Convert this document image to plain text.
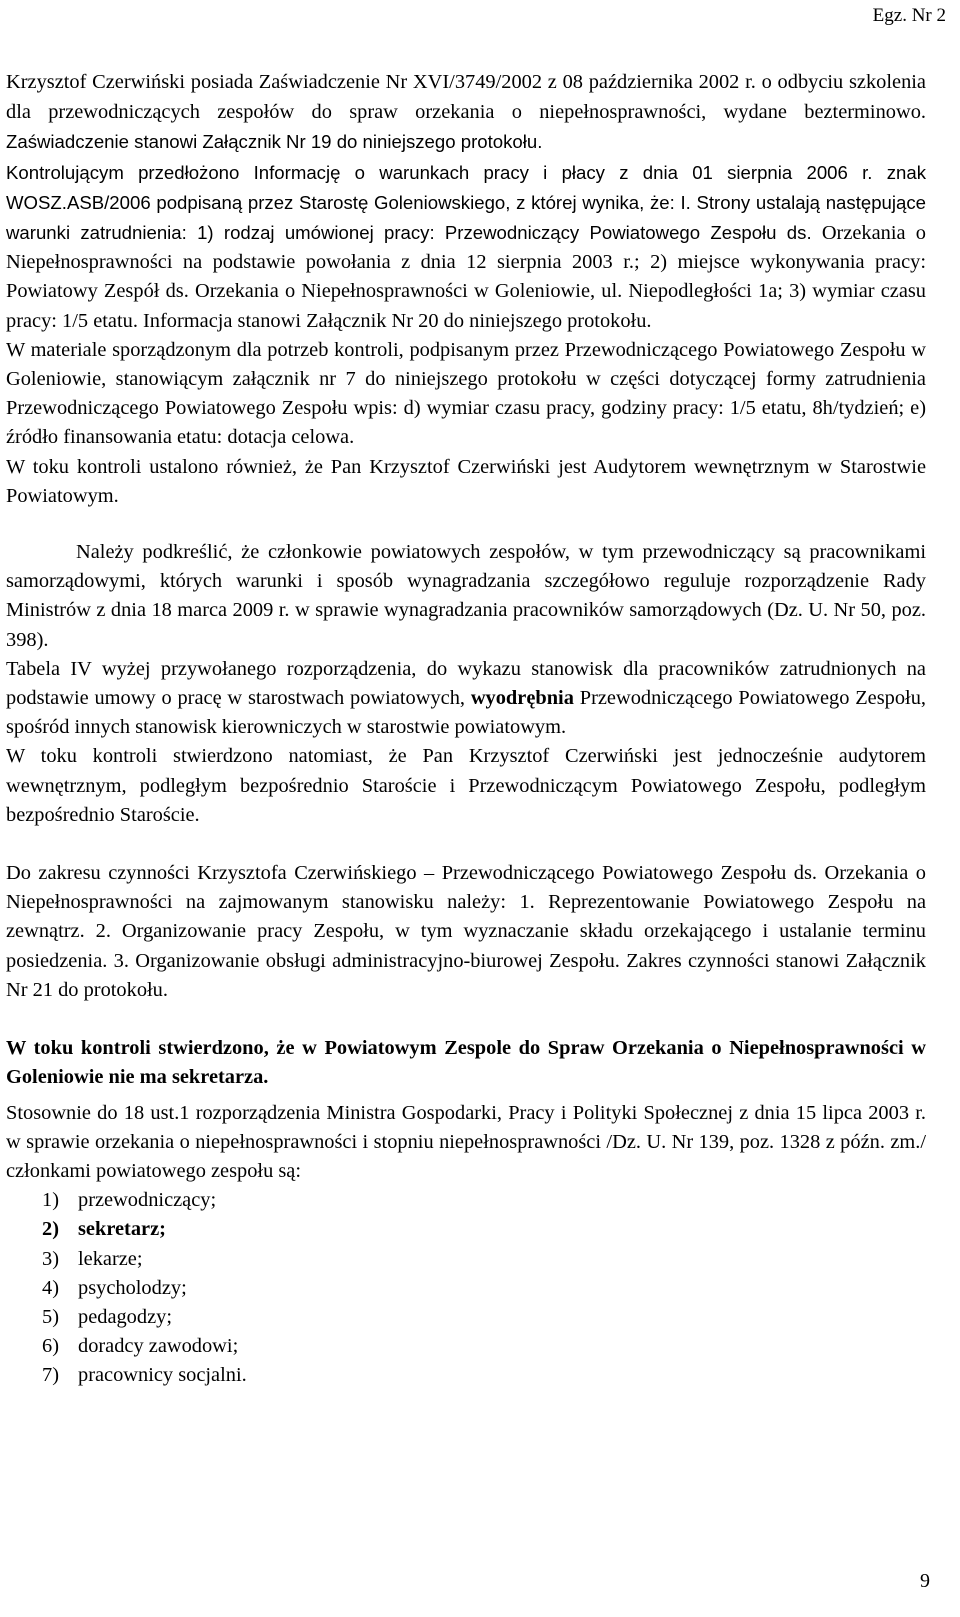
Egz. Nr 2

Krzysztof Czerwiński posiada Zaświadczenie Nr XVI/3749/2002 z 08 października 2002 r. o odbyciu szkolenia dla przewodniczących zespołów do spraw orzekania o niepełnosprawności, wydane bezterminowo. Zaświadczenie stanowi Załącznik Nr 19 do niniejszego protokołu.

Kontrolującym przedłożono Informację o warunkach pracy i płacy z dnia 01 sierpnia 2006 r. znak WOSZ.ASB/2006 podpisaną przez Starostę Goleniowskiego, z której wynika, że: I. Strony ustalają następujące warunki zatrudnienia: 1) rodzaj umówionej pracy: Przewodniczący Powiatowego Zespołu ds. Orzekania o Niepełnosprawności na podstawie powołania z dnia 12 sierpnia 2003 r.; 2) miejsce wykonywania pracy: Powiatowy Zespół ds. Orzekania o Niepełnosprawności w Goleniowie, ul. Niepodległości 1a; 3) wymiar czasu pracy: 1/5 etatu. Informacja stanowi Załącznik Nr 20 do niniejszego protokołu.

W materiale sporządzonym dla potrzeb kontroli, podpisanym przez Przewodniczącego Powiatowego Zespołu w Goleniowie, stanowiącym załącznik nr 7 do niniejszego protokołu w części dotyczącej formy zatrudnienia Przewodniczącego Powiatowego Zespołu wpis: d) wymiar czasu pracy, godziny pracy: 1/5 etatu, 8h/tydzień; e) źródło finansowania etatu: dotacja celowa.

W toku kontroli ustalono również, że Pan Krzysztof Czerwiński jest Audytorem wewnętrznym w Starostwie Powiatowym.

Należy podkreślić, że członkowie powiatowych zespołów, w tym przewodniczący są pracownikami samorządowymi, których warunki i sposób wynagradzania szczegółowo reguluje rozporządzenie Rady Ministrów z dnia 18 marca 2009 r. w sprawie wynagradzania pracowników samorządowych (Dz. U. Nr 50, poz. 398).

Tabela IV wyżej przywołanego rozporządzenia, do wykazu stanowisk dla pracowników zatrudnionych na podstawie umowy o pracę w starostwach powiatowych, wyodrębnia Przewodniczącego Powiatowego Zespołu, spośród innych stanowisk kierowniczych w starostwie powiatowym.

W toku kontroli stwierdzono natomiast, że Pan Krzysztof Czerwiński jest jednocześnie audytorem wewnętrznym, podległym bezpośrednio Staroście i Przewodniczącym Powiatowego Zespołu, podległym bezpośrednio Staroście.

Do zakresu czynności Krzysztofa Czerwińskiego – Przewodniczącego Powiatowego Zespołu ds. Orzekania o Niepełnosprawności na zajmowanym stanowisku należy: 1. Reprezentowanie Powiatowego Zespołu na zewnątrz. 2. Organizowanie pracy Zespołu, w tym wyznaczanie składu orzekającego i ustalanie terminu posiedzenia. 3. Organizowanie obsługi administracyjno-biurowej Zespołu. Zakres czynności stanowi Załącznik Nr 21 do protokołu.

W toku kontroli stwierdzono, że w Powiatowym Zespole do Spraw Orzekania o Niepełnosprawności w Goleniowie nie ma sekretarza.

Stosownie do 18 ust.1 rozporządzenia Ministra Gospodarki, Pracy i Polityki Społecznej z dnia 15 lipca 2003 r. w sprawie orzekania o niepełnosprawności i stopniu niepełnosprawności /Dz. U. Nr 139, poz. 1328 z późn. zm./ członkami powiatowego zespołu są:

1) przewodniczący;
2) sekretarz;
3) lekarze;
4) psycholodzy;
5) pedagodzy;
6) doradcy zawodowi;
7) pracownicy socjalni.
9
